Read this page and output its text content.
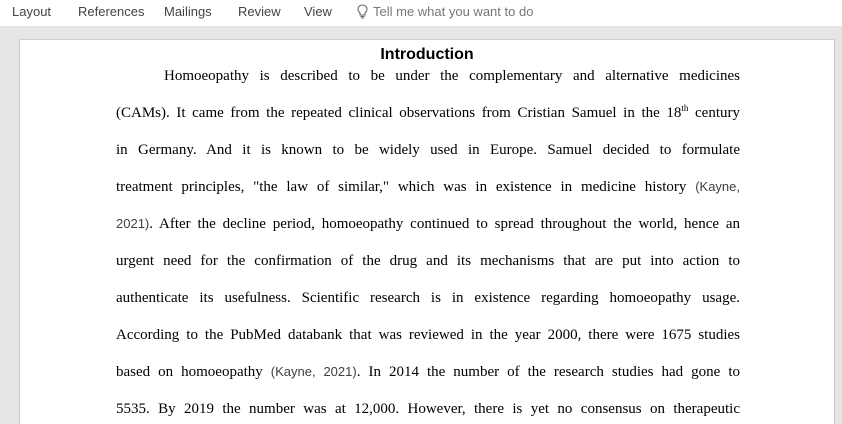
Layout References Mailings Review View	Tell me what you want to do
Introduction
Homoeopathy is described to be under the complementary and alternative medicines
(CAMs). It came from the repeated clinical observations from Cristian Samuel in the 18th century
in Germany. And it is known to be widely used in Europe. Samuel decided to formulate
treatment principles, "the law of similar," which was in existence in medicine history (Kayne,
2021). After the decline period, homoeopathy continued to spread throughout the world, hence an
urgent need for the confirmation of the drug and its mechanisms that are put into action to
authenticate its usefulness. Scientific research is in existence regarding homoeopathy usage.
According to the PubMed databank that was reviewed in the year 2000, there were 1675 studies
based on homoeopathy (Kayne, 2021). In 2014 the number of the research studies had gone to
5535. By 2019 the number was at 12,000. However, there is yet no consensus on therapeutic
